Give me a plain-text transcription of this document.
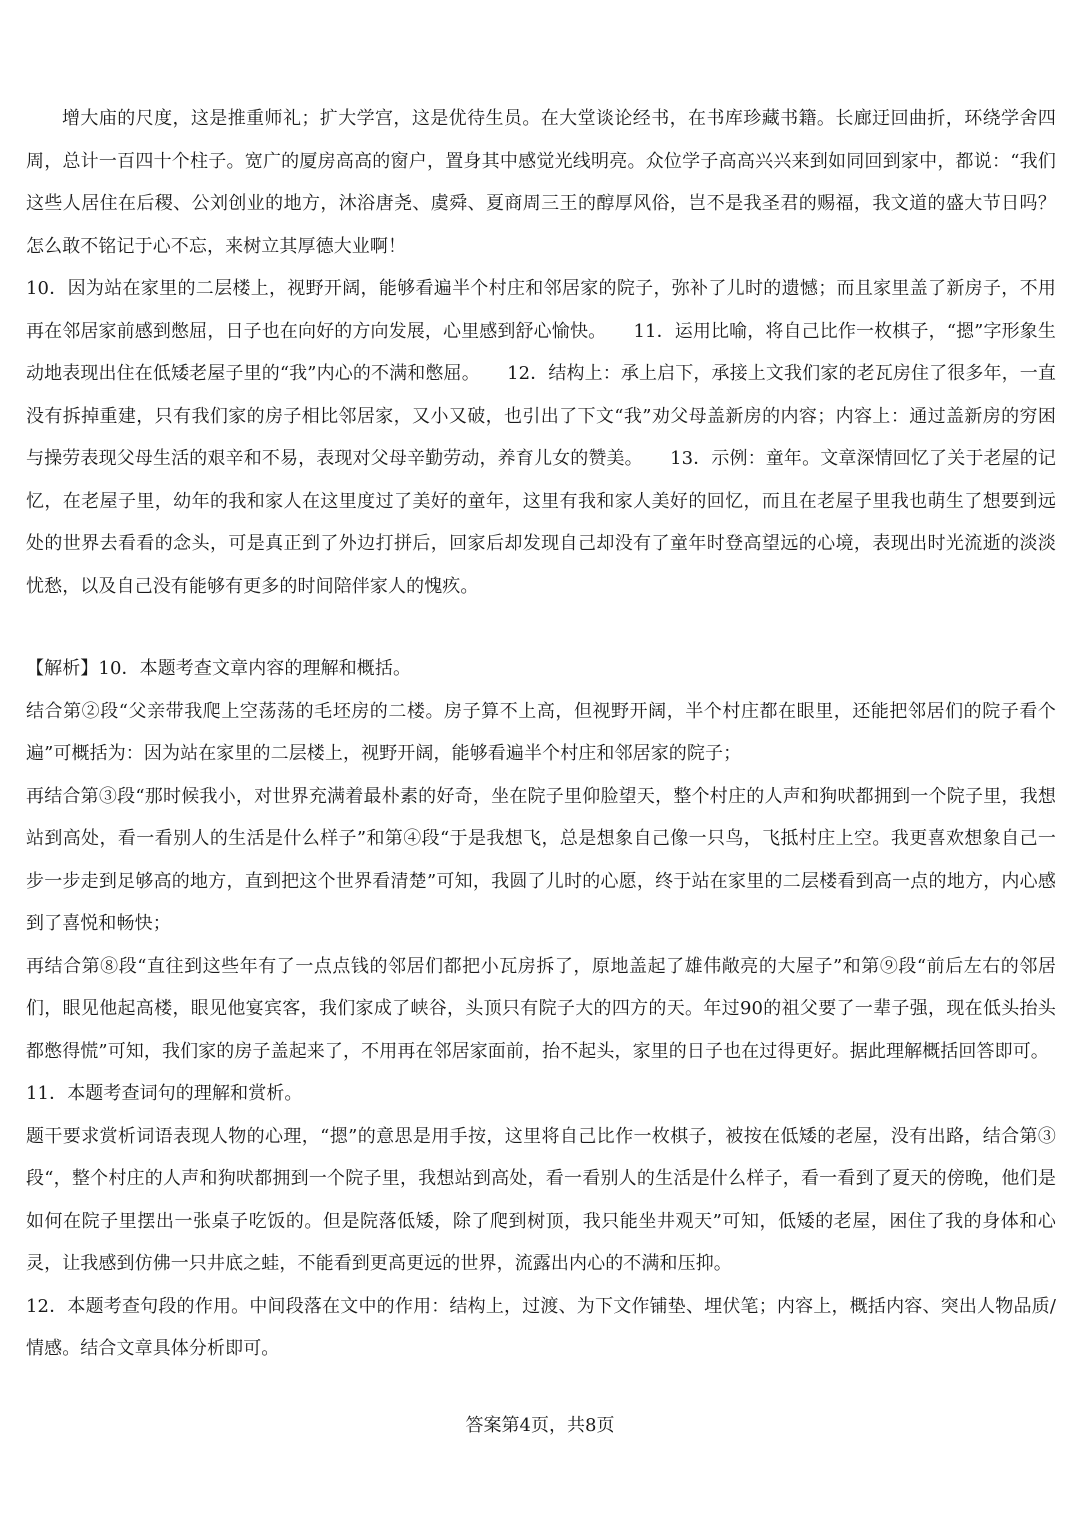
增大庙的尺度，这是推重师礼；扩大学宫，这是优待生员。在大堂谈论经书，在书库珍藏书籍。长廊迂回曲折，环绕学舍四周，总计一百四十个柱子。宽广的厦房高高的窗户，置身其中感觉光线明亮。众位学子高高兴兴来到如同回到家中，都说：“我们这些人居住在后稷、公刘创业的地方，沐浴唐尧、虞舜、夏商周三王的醇厚风俗，岂不是我圣君的赐福，我文道的盛大节日吗？怎么敢不铭记于心不忘，来树立其厚德大业啊！

10．因为站在家里的二层楼上，视野开阔，能够看遍半个村庄和邻居家的院子，弥补了儿时的遗憾；而且家里盖了新房子，不用再在邻居家前感到憋屈，日子也在向好的方向发展，心里感到舒心愉快。　　11．运用比喻，将自己比作一枚棋子，“摁”字形象生动地表现出住在低矮老屋子里的“我”内心的不满和憋屈。　　12．结构上：承上启下，承接上文我们家的老瓦房住了很多年，一直没有拆掉重建，只有我们家的房子相比邻居家，又小又破，也引出了下文“我”劝父母盖新房的内容；内容上：通过盖新房的穷困与操劳表现父母生活的艰辛和不易，表现对父母辛勤劳动，养育儿女的赞美。　　13．示例：童年。文章深情回忆了关于老屋的记忆，在老屋子里，幼年的我和家人在这里度过了美好的童年，这里有我和家人美好的回忆，而且在老屋子里我也萌生了想要到远处的世界去看看的念头，可是真正到了外边打拼后，回家后却发现自己却没有了童年时登高望远的心境，表现出时光流逝的淡淡忧愁，以及自己没有能够有更多的时间陪伴家人的愧疚。

【解析】10．本题考查文章内容的理解和概括。

结合第②段“父亲带我爬上空荡荡的毛坯房的二楼。房子算不上高，但视野开阔，半个村庄都在眼里，还能把邻居们的院子看个遍”可概括为：因为站在家里的二层楼上，视野开阔，能够看遍半个村庄和邻居家的院子；

再结合第③段“那时候我小，对世界充满着最朴素的好奇，坐在院子里仰脸望天，整个村庄的人声和狗吠都拥到一个院子里，我想站到高处，看一看别人的生活是什么样子”和第④段“于是我想飞，总是想象自己像一只鸟，飞抵村庄上空。我更喜欢想象自己一步一步走到足够高的地方，直到把这个世界看清楚”可知，我圆了儿时的心愿，终于站在家里的二层楼看到高一点的地方，内心感到了喜悦和畅快；

再结合第⑧段“直往到这些年有了一点点钱的邻居们都把小瓦房拆了，原地盖起了雄伟敞亮的大屋子”和第⑨段“前后左右的邻居们，眼见他起高楼，眼见他宴宾客，我们家成了峡谷，头顶只有院子大的四方的天。年过90的祖父要了一辈子强，现在低头抬头都憋得慌”可知，我们家的房子盖起来了，不用再在邻居家面前，抬不起头，家里的日子也在过得更好。据此理解概括回答即可。

11．本题考查词句的理解和赏析。

题干要求赏析词语表现人物的心理，“摁”的意思是用手按，这里将自己比作一枚棋子，被按在低矮的老屋，没有出路，结合第③段“，整个村庄的人声和狗吠都拥到一个院子里，我想站到高处，看一看别人的生活是什么样子，看一看到了夏天的傍晚，他们是如何在院子里摆出一张桌子吃饭的。但是院落低矮，除了爬到树顶，我只能坐井观天”可知，低矮的老屋，困住了我的身体和心灵，让我感到仿佛一只井底之蛙，不能看到更高更远的世界，流露出内心的不满和压抑。

12．本题考查句段的作用。中间段落在文中的作用：结构上，过渡、为下文作铺垫、埋伏笔；内容上，概括内容、突出人物品质/情感。结合文章具体分析即可。

答案第4页，共8页
